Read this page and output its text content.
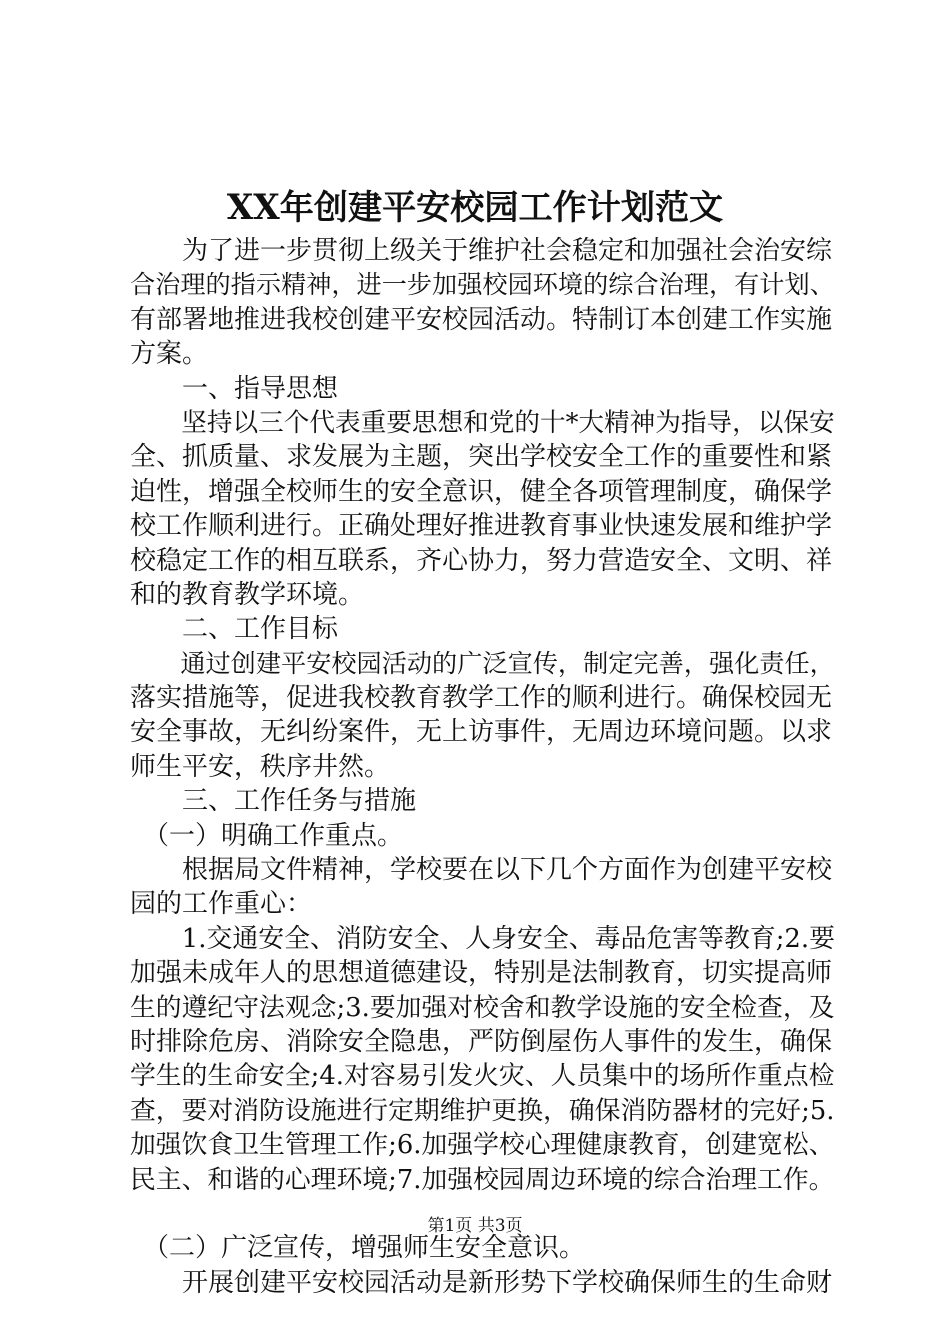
XX年创建平安校园工作计划范文
　　为了进一步贯彻上级关于维护社会稳定和加强社会治安综
合治理的指示精神，进一步加强校园环境的综合治理，有计划、
有部署地推进我校创建平安校园活动。特制订本创建工作实施
方案。
　　一、指导思想
　　坚持以三个代表重要思想和党的十*大精神为指导，以保安
全、抓质量、求发展为主题，突出学校安全工作的重要性和紧
迫性，增强全校师生的安全意识，健全各项管理制度，确保学
校工作顺利进行。正确处理好推进教育事业快速发展和维护学
校稳定工作的相互联系，齐心协力，努力营造安全、文明、祥
和的教育教学环境。
　　二、工作目标
　　通过创建平安校园活动的广泛宣传，制定完善，强化责任，
落实措施等，促进我校教育教学工作的顺利进行。确保校园无
安全事故，无纠纷案件，无上访事件，无周边环境问题。以求
师生平安，秩序井然。
　　三、工作任务与措施
　（一）明确工作重点。
　　根据局文件精神，学校要在以下几个方面作为创建平安校
园的工作重心：
　　1.交通安全、消防安全、人身安全、毒品危害等教育;2.要
加强未成年人的思想道德建设，特别是法制教育，切实提高师
生的遵纪守法观念;3.要加强对校舍和教学设施的安全检查，及
时排除危房、消除安全隐患，严防倒屋伤人事件的发生，确保
学生的生命安全;4.对容易引发火灾、人员集中的场所作重点检
查，要对消防设施进行定期维护更换，确保消防器材的完好;5.
加强饮食卫生管理工作;6.加强学校心理健康教育，创建宽松、
民主、和谐的心理环境;7.加强校园周边环境的综合治理工作。
　（二）广泛宣传，增强师生安全意识。
　　开展创建平安校园活动是新形势下学校确保师生的生命财
第1页 共3页
